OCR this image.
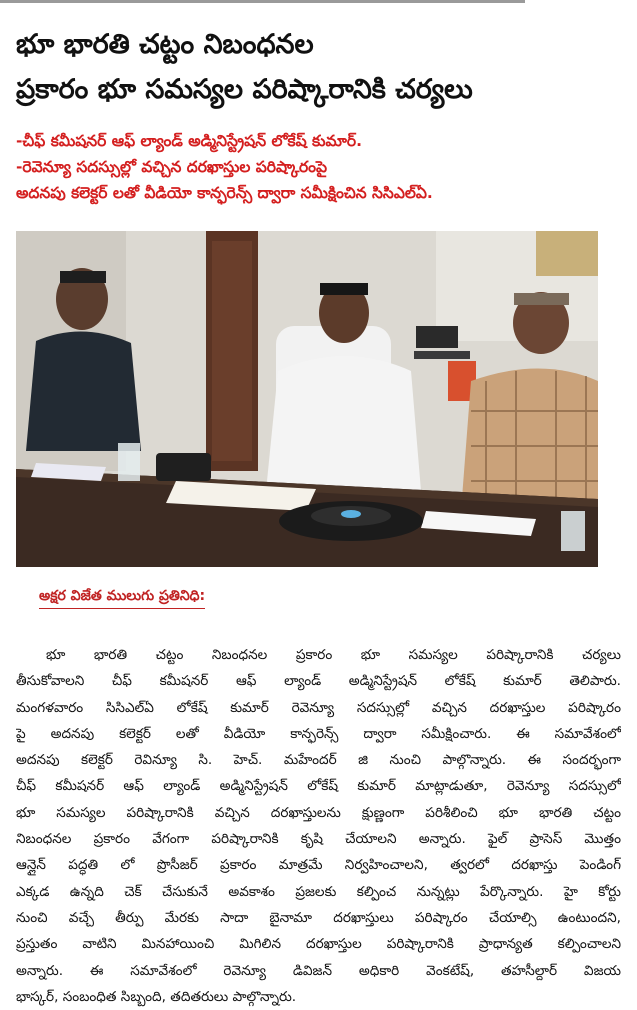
భూ భారతి చట్టం నిబంధనల
ప్రకారం భూ సమస్యల పరిష్కారానికి చర్యలు
-చీఫ్ కమీషనర్ ఆఫ్ ల్యాండ్ అడ్మినిస్ట్రేషన్ లోకేష్ కుమార్.
-రెవెన్యూ సదస్సుల్లో వచ్చిన దరఖాస్తుల పరిష్కారంపై
అదనపు కలెక్టర్ లతో వీడియో కాన్ఫరెన్స్ ద్వారా సమీక్షించిన సిసిఎల్ఏ.
అక్షర విజేత ములుగు ప్రతినిధి:
భూ భారతి చట్టం నిబంధనల ప్రకారం భూ సమస్యల పరిష్కారానికి చర్యలు
తీసుకోవాలని చీఫ్ కమీషనర్ ఆఫ్ ల్యాండ్ అడ్మినిస్ట్రేషన్ లోకేష్ కుమార్ తెలిపారు.
మంగళవారం సిసిఎల్ఏ లోకేష్ కుమార్ రెవెన్యూ సదస్సుల్లో వచ్చిన దరఖాస్తుల పరిష్కారం
పై అదనపు కలెక్టర్ లతో వీడియో కాన్ఫరెన్స్ ద్వారా సమీక్షించారు. ఈ సమావేశంలో
అదనపు కలెక్టర్ రెవిన్యూ సి. హెచ్. మహేందర్ జి నుంచి పాల్గొన్నారు. ఈ సందర్భంగా
చీఫ్ కమీషనర్ ఆఫ్ ల్యాండ్ అడ్మినిస్ట్రేషన్ లోకేష్ కుమార్ మాట్లాడుతూ, రెవెన్యూ సదస్సులో
భూ సమస్యల పరిష్కారానికి వచ్చిన దరఖాస్తులను క్షుణ్ణంగా పరిశీలించి భూ భారతి చట్టం
నిబంధనల ప్రకారం వేగంగా పరిష్కారానికి కృషి చేయాలని అన్నారు. ఫైల్ ప్రాసెస్ మొత్తం
ఆన్లైన్ పద్ధతి లో ప్రొసీజర్ ప్రకారం మాత్రమే నిర్వహించాలని, త్వరలో దరఖాస్తు పెండింగ్
ఎక్కడ ఉన్నది చెక్ చేసుకునే అవకాశం ప్రజలకు కల్పించ నున్నట్లు పేర్కొన్నారు. హై కోర్టు
నుంచి వచ్చే తీర్పు మేరకు సాదా బైనామా దరఖాస్తులు పరిష్కారం చేయాల్సి ఉంటుందని,
ప్రస్తుతం వాటిని మినహాయించి మిగిలిన దరఖాస్తుల పరిష్కారానికి ప్రాధాన్యత కల్పించాలని
అన్నారు. ఈ సమావేశంలో రెవెన్యూ డివిజన్ అధికారి వెంకటేష్, తహసీల్దార్ విజయ
భాస్కర్, సంబంధిత సిబ్బంది, తదితరులు పాల్గొన్నారు.
